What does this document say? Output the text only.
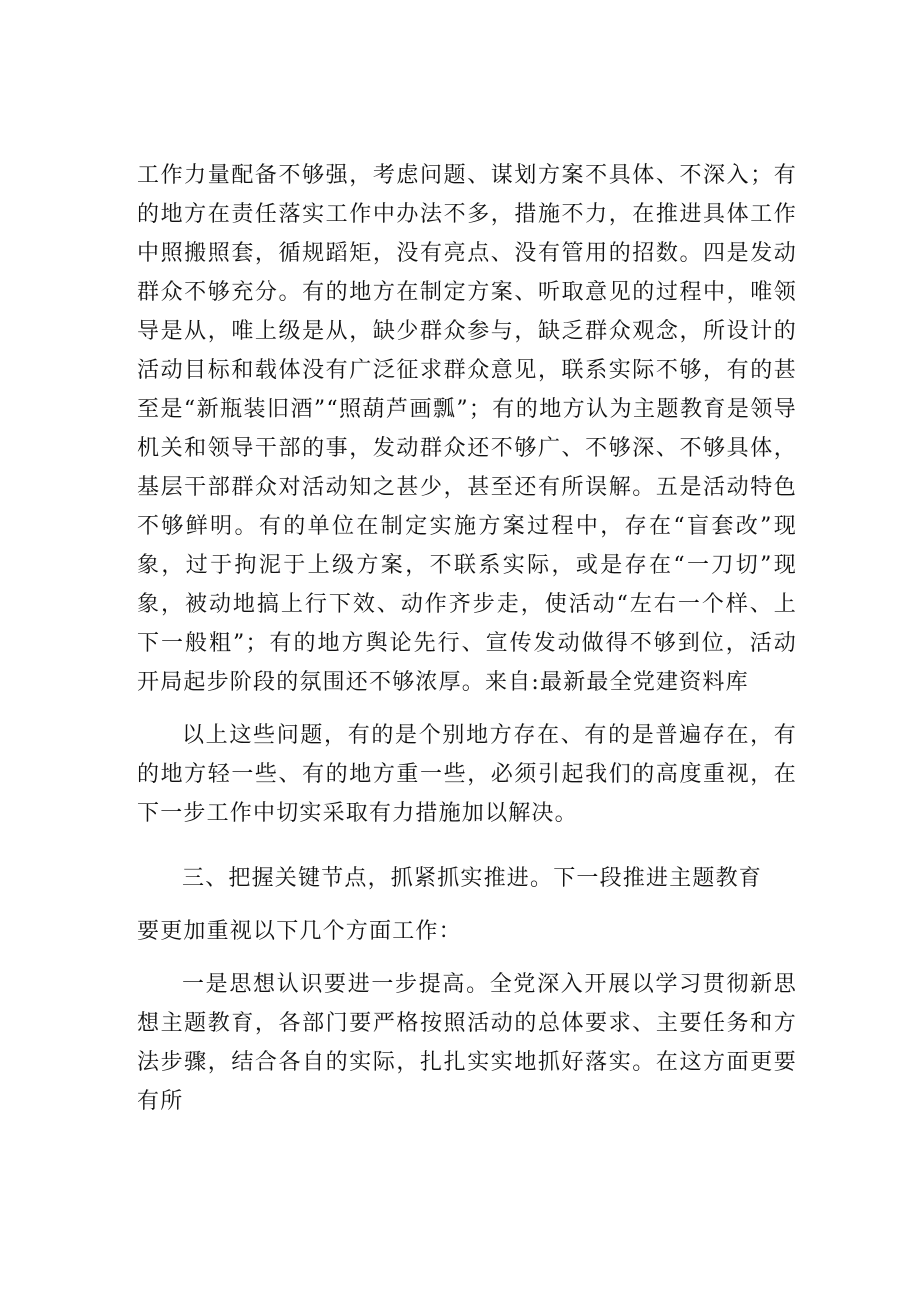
工作力量配备不够强，考虑问题、谋划方案不具体、不深入；有的地方在责任落实工作中办法不多，措施不力，在推进具体工作中照搬照套，循规蹈矩，没有亮点、没有管用的招数。四是发动群众不够充分。有的地方在制定方案、听取意见的过程中，唯领导是从，唯上级是从，缺少群众参与，缺乏群众观念，所设计的活动目标和载体没有广泛征求群众意见，联系实际不够，有的甚至是“新瓶装旧酒”“照葫芦画瓢”；有的地方认为主题教育是领导机关和领导干部的事，发动群众还不够广、不够深、不够具体，基层干部群众对活动知之甚少，甚至还有所误解。五是活动特色不够鲜明。有的单位在制定实施方案过程中，存在“盲套改”现象，过于拘泥于上级方案，不联系实际，或是存在“一刀切”现象，被动地搞上行下效、动作齐步走，使活动“左右一个样、上下一般粗”；有的地方舆论先行、宣传发动做得不够到位，活动开局起步阶段的氛围还不够浓厚。来自:最新最全党建资料库

以上这些问题，有的是个别地方存在、有的是普遍存在，有的地方轻一些、有的地方重一些，必须引起我们的高度重视，在下一步工作中切实采取有力措施加以解决。

三、把握关键节点，抓紧抓实推进。下一段推进主题教育

要更加重视以下几个方面工作：

一是思想认识要进一步提高。全党深入开展以学习贯彻新思想主题教育，各部门要严格按照活动的总体要求、主要任务和方法步骤，结合各自的实际，扎扎实实地抓好落实。在这方面更要有所
